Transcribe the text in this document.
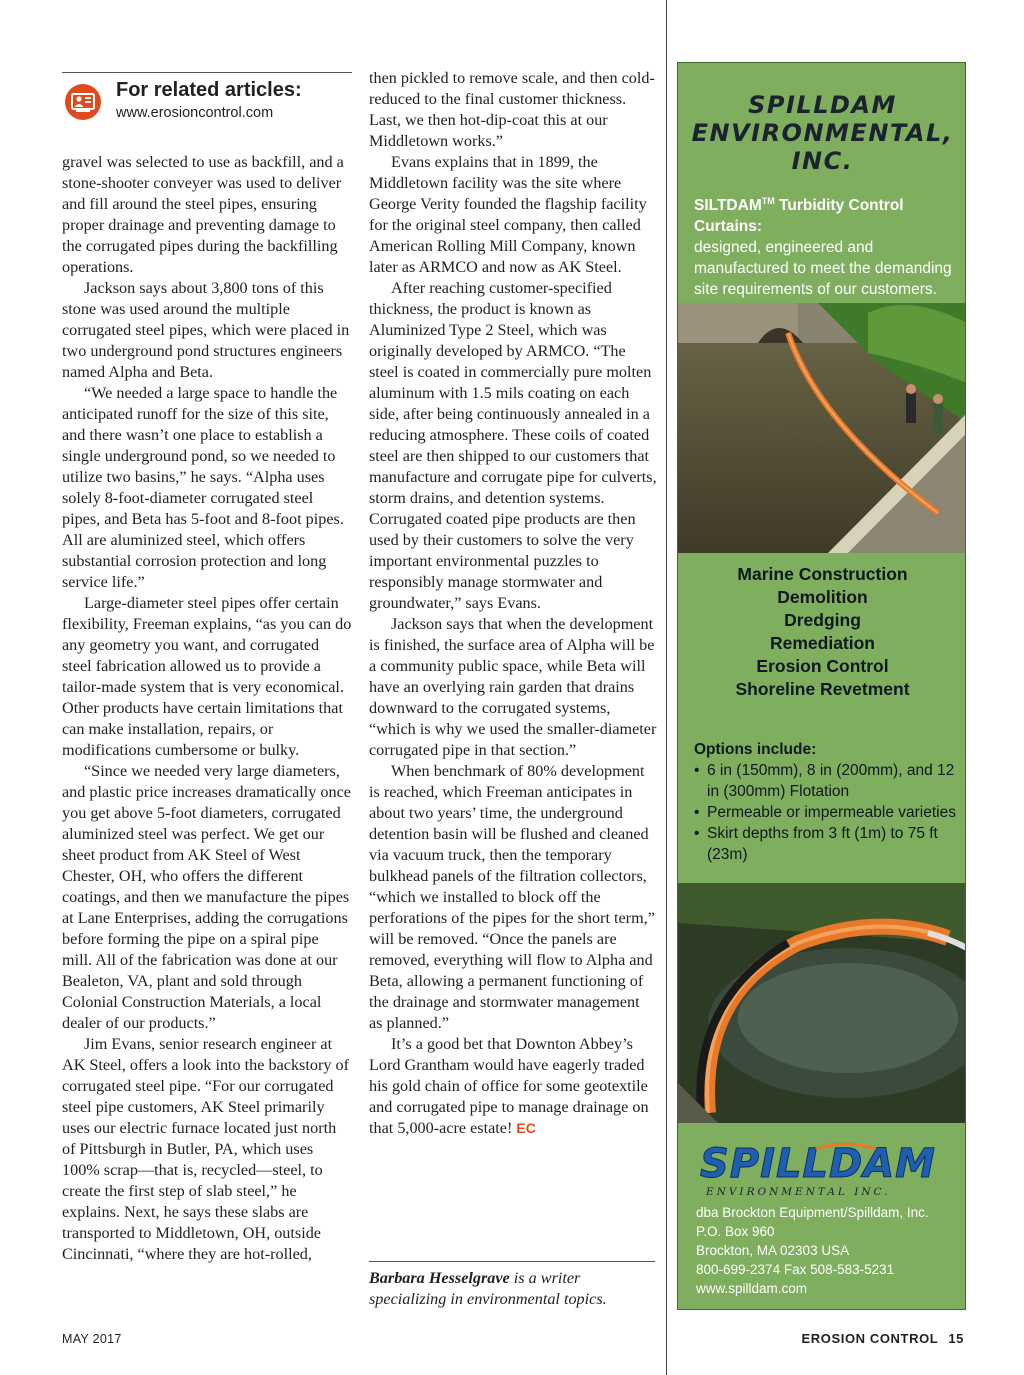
For related articles:
www.erosioncontrol.com

gravel was selected to use as backfill, and a stone-shooter conveyer was used to deliver and fill around the steel pipes, ensuring proper drainage and preventing damage to the corrugated pipes during the backfilling operations.

Jackson says about 3,800 tons of this stone was used around the multiple corrugated steel pipes, which were placed in two underground pond structures engineers named Alpha and Beta.

“We needed a large space to handle the anticipated runoff for the size of this site, and there wasn’t one place to establish a single underground pond, so we needed to utilize two basins,” he says. “Alpha uses solely 8-foot-diameter corrugated steel pipes, and Beta has 5-foot and 8-foot pipes. All are aluminized steel, which offers substantial corrosion protection and long service life.”

Large-diameter steel pipes offer certain flexibility, Freeman explains, “as you can do any geometry you want, and corrugated steel fabrication allowed us to provide a tailor-made system that is very economical. Other products have certain limitations that can make installation, repairs, or modifications cumbersome or bulky.

“Since we needed very large diameters, and plastic price increases dramatically once you get above 5-foot diameters, corrugated aluminized steel was perfect. We get our sheet product from AK Steel of West Chester, OH, who offers the different coatings, and then we manufacture the pipes at Lane Enterprises, adding the corrugations before forming the pipe on a spiral pipe mill. All of the fabrication was done at our Bealeton, VA, plant and sold through Colonial Construction Materials, a local dealer of our products.”

Jim Evans, senior research engineer at AK Steel, offers a look into the backstory of corrugated steel pipe. “For our corrugated steel pipe customers, AK Steel primarily uses our electric furnace located just north of Pittsburgh in Butler, PA, which uses 100% scrap—that is, recycled—steel, to create the first step of slab steel,” he explains. Next, he says these slabs are transported to Middletown, OH, outside Cincinnati, “where they are hot-rolled,

then pickled to remove scale, and then cold-reduced to the final customer thickness. Last, we then hot-dip-coat this at our Middletown works.”

Evans explains that in 1899, the Middletown facility was the site where George Verity founded the flagship facility for the original steel company, then called American Rolling Mill Company, known later as ARMCO and now as AK Steel.

After reaching customer-specified thickness, the product is known as Aluminized Type 2 Steel, which was originally developed by ARMCO. “The steel is coated in commercially pure molten aluminum with 1.5 mils coating on each side, after being continuously annealed in a reducing atmosphere. These coils of coated steel are then shipped to our customers that manufacture and corrugate pipe for culverts, storm drains, and detention systems. Corrugated coated pipe products are then used by their customers to solve the very important environmental puzzles to responsibly manage stormwater and groundwater,” says Evans.

Jackson says that when the development is finished, the surface area of Alpha will be a community public space, while Beta will have an overlying rain garden that drains downward to the corrugated systems, “which is why we used the smaller-diameter corrugated pipe in that section.”

When benchmark of 80% development is reached, which Freeman anticipates in about two years’ time, the underground detention basin will be flushed and cleaned via vacuum truck, then the temporary bulkhead panels of the filtration collectors, “which we installed to block off the perforations of the pipes for the short term,” will be removed. “Once the panels are removed, everything will flow to Alpha and Beta, allowing a permanent functioning of the drainage and stormwater management as planned.”

It’s a good bet that Downton Abbey’s Lord Grantham would have eagerly traded his gold chain of office for some geotextile and corrugated pipe to manage drainage on that 5,000-acre estate! EC

Barbara Hesselgrave is a writer specializing in environmental topics.
SPILLDAM
ENVIRONMENTAL,
INC.
SILTDAM™ Turbidity Control Curtains:
designed, engineered and manufactured to meet the demanding site requirements of our customers.
Marine Construction
Demolition
Dredging
Remediation
Erosion Control
Shoreline Revetment
Options include:
• 6 in (150mm), 8 in (200mm), and 12 in (300mm) Flotation
• Permeable or impermeable varieties
• Skirt depths from 3 ft (1m) to 75 ft (23m)
SPILLDAM
ENVIRONMENTAL INC.
dba Brockton Equipment/Spilldam, Inc.
P.O. Box 960
Brockton, MA 02303 USA
800-699-2374 Fax 508-583-5231
www.spilldam.com
MAY 2017	EROSION CONTROL 15
